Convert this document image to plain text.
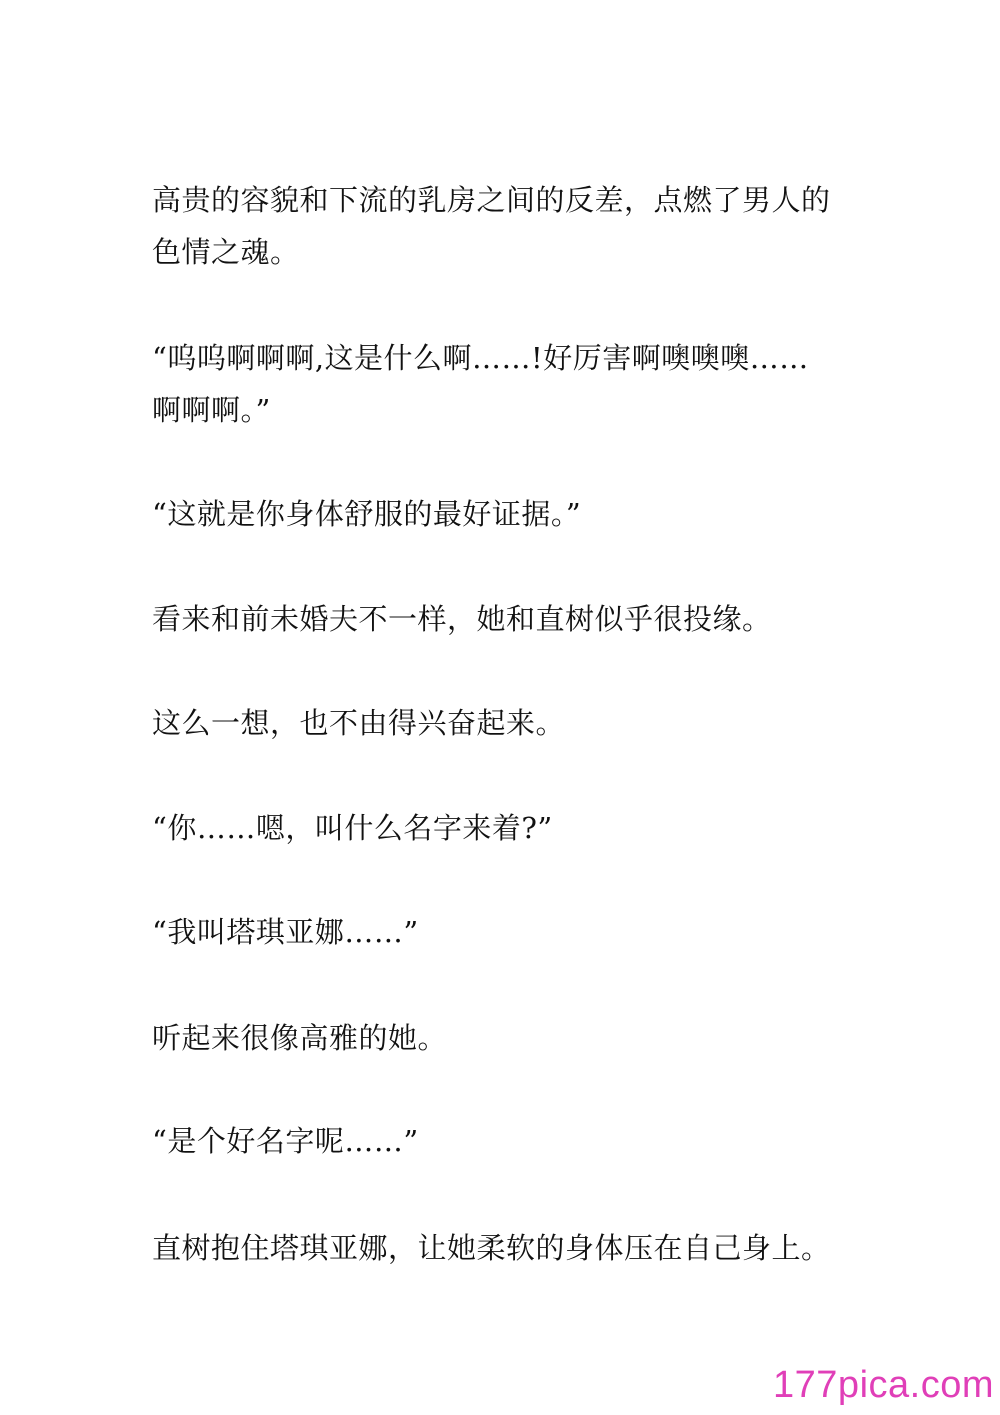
高贵的容貌和下流的乳房之间的反差，点燃了男人的
色情之魂。

“呜呜啊啊啊,这是什么啊……!好厉害啊噢噢噢……
啊啊啊。”

“这就是你身体舒服的最好证据。”

看来和前未婚夫不一样，她和直树似乎很投缘。

这么一想，也不由得兴奋起来。

“你……嗯，叫什么名字来着?”

“我叫塔琪亚娜……”

听起来很像高雅的她。

“是个好名字呢……”

直树抱住塔琪亚娜，让她柔软的身体压在自己身上。

177pica.com
